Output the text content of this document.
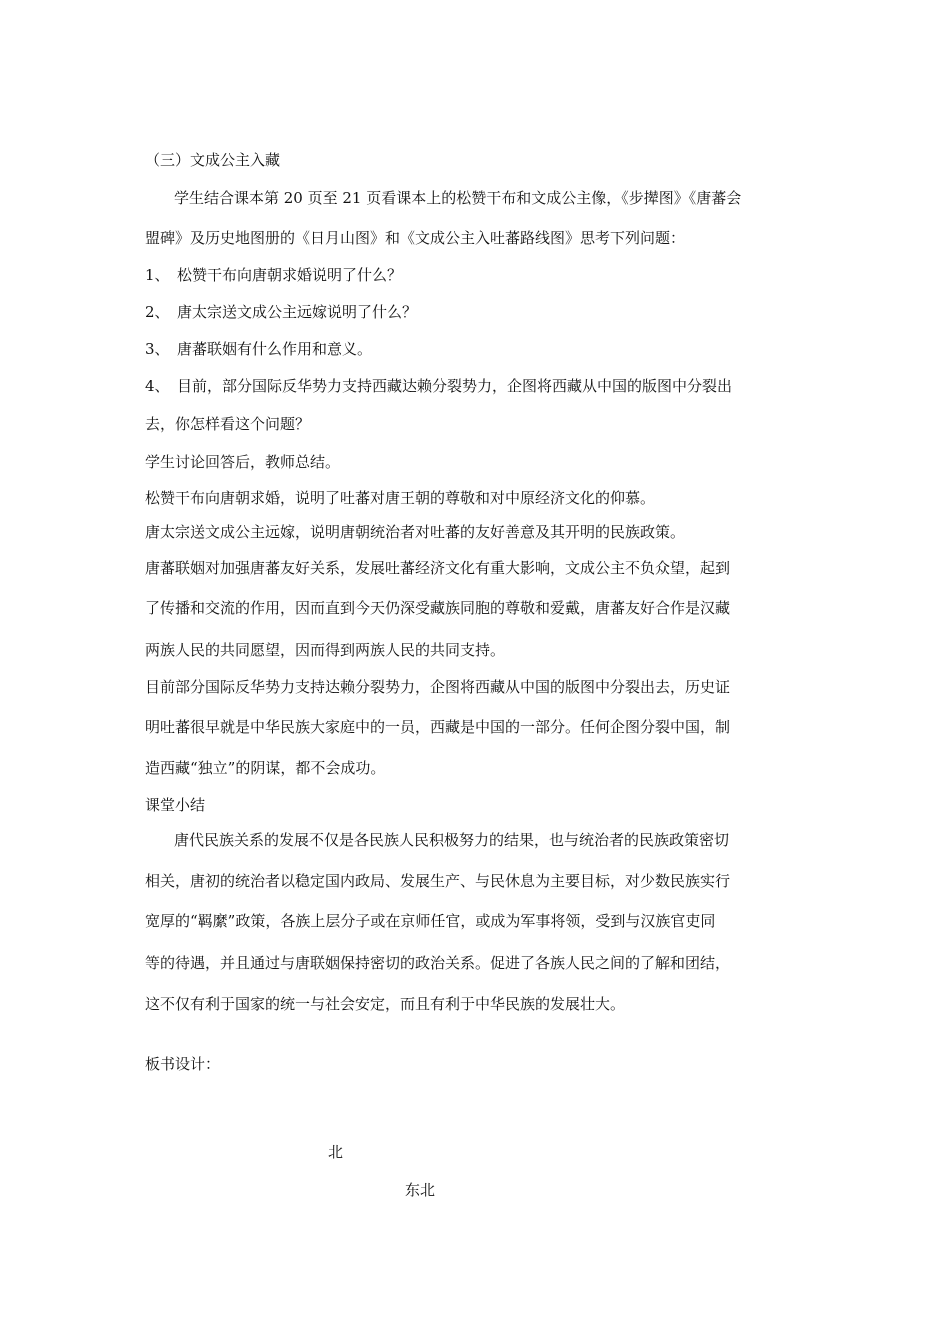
（三）文成公主入藏
学生结合课本第 20 页至 21 页看课本上的松赞干布和文成公主像，《步撵图》《唐蕃会
盟碑》及历史地图册的《日月山图》和《文成公主入吐蕃路线图》思考下列问题：
1、 松赞干布向唐朝求婚说明了什么？
2、 唐太宗送文成公主远嫁说明了什么？
3、 唐蕃联姻有什么作用和意义。
4、 目前，部分国际反华势力支持西藏达赖分裂势力，企图将西藏从中国的版图中分裂出
去，你怎样看这个问题？
学生讨论回答后，教师总结。
松赞干布向唐朝求婚，说明了吐蕃对唐王朝的尊敬和对中原经济文化的仰慕。
唐太宗送文成公主远嫁，说明唐朝统治者对吐蕃的友好善意及其开明的民族政策。
唐蕃联姻对加强唐蕃友好关系，发展吐蕃经济文化有重大影响，文成公主不负众望，起到
了传播和交流的作用，因而直到今天仍深受藏族同胞的尊敬和爱戴，唐蕃友好合作是汉藏
两族人民的共同愿望，因而得到两族人民的共同支持。
目前部分国际反华势力支持达赖分裂势力，企图将西藏从中国的版图中分裂出去，历史证
明吐蕃很早就是中华民族大家庭中的一员，西藏是中国的一部分。任何企图分裂中国，制
造西藏“独立”的阴谋，都不会成功。
课堂小结
唐代民族关系的发展不仅是各民族人民积极努力的结果，也与统治者的民族政策密切
相关，唐初的统治者以稳定国内政局、发展生产、与民休息为主要目标，对少数民族实行
宽厚的“羁縻”政策，各族上层分子或在京师任官，或成为军事将领，受到与汉族官吏同
等的待遇，并且通过与唐联姻保持密切的政治关系。促进了各族人民之间的了解和团结，
这不仅有利于国家的统一与社会安定，而且有利于中华民族的发展壮大。
板书设计：
北
东北
